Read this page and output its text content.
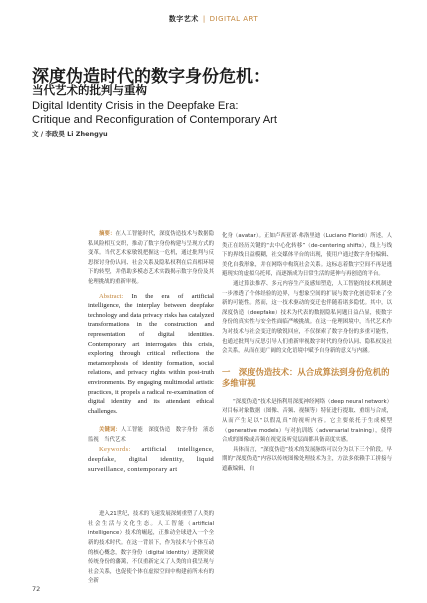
数字艺术 | DIGITAL ART
深度伪造时代的数字身份危机：
当代艺术的批判与重构
Digital Identity Crisis in the Deepfake Era:
Critique and Reconfiguration of Contemporary Art
文 / 李政昊 Li Zhengyu

摘要：在人工智能时代，深度伪造技术与数据隐私风险相互交织，推动了数字身份构建与呈现方式的变革。当代艺术家敏锐把握这一危机，通过批判与反思探讨身份认同、社会关系及隐私权利在后真相环境下的转型，并借助多模态艺术实践揭示数字身份及其伦理挑战的重新审视。

Abstract: In the era of artificial intelligence, the interplay between deepfake technology and data privacy risks has catalyzed transformations in the construction and representation of digital identities. Contemporary art interrogates this crisis, exploring through critical reflections the metamorphosis of identity formation, social relations, and privacy rights within post-truth environments. By engaging multimodal artistic practices, it propels a radical re-examination of digital identity and its attendant ethical challenges.

关键词：人工智能　深度伪造　数字身份　液态监视　当代艺术

Keywords: artificial intelligence, deepfake, digital identity, liquid surveillance, contemporary art

进入21世纪，技术的飞速发展深刻重塑了人类的社会生活与文化生态。人工智能（artificial intelligence）技术的崛起，正推动全球进入一个全新的技术时代。在这一背景下，作为技术与个体互动的核心概念，数字身份（digital identity）逐渐突破传统身份的藩篱，不仅重新定义了人类的自我呈现与社会关系，也促使个体在虚拟空间中构建前所未有的全新

化身（avatar）。正如卢西亚诺·弗洛里迪（Luciano Floridi）所述，人类正在经历关键的“去中心化转移”（de-centering shifts），线上与线下的界线日益模糊，社交媒体平台的出现，使用户通过数字身份编辑、美化自我形象，并在网络中构筑社会关系。这标志着数字空间不再是逃避现实的虚拟乌托邦，而逐渐成为日常生活的延伸与再创造的平台。

通过算法推荐、多元内容生产及感知塑造，人工智能的技术机制进一步渗透了个体经验的边界，与想象空间的扩展与数字化创造带来了全新的可能性。然而，这一技术驱动的变迁也伴随着诸多隐忧。其中，以深度伪造（deepfake）技术为代表的数据隐私问题日益凸显，使数字身份的真实性与安全性面临严峻挑战。在这一伦理困境中，当代艺术作为对技术与社会变迁的敏锐回应，不仅探索了数字身份的多重可能性，也通过批判与反思引导人们重新审视数字时代的身份认同、隐私权及社会关系，从而在更广阔的文化语境中赋予自身新的意义与内涵。

一　深度伪造技术：从合成算法到身份危机的多维审视

“深度伪造”技术是指利用深度神经网络（deep neural network）对目标对象数据（图像、音频、视频等）特征进行提取、重组与合成，从而产生足以“以假乱真”的视听内容。它主要依托于生成模型（generative models）与对抗训练（adversarial training），使得合成的图像或音频在视觉及听觉层面都具备高度实感。

具体而言，“深度伪造”技术的发展脉络可以分为以下三个阶段。早期的“深度伪造”内容以传统图像处理技术为主，方法多依赖手工拼接与遮蔽编辑，自

72
